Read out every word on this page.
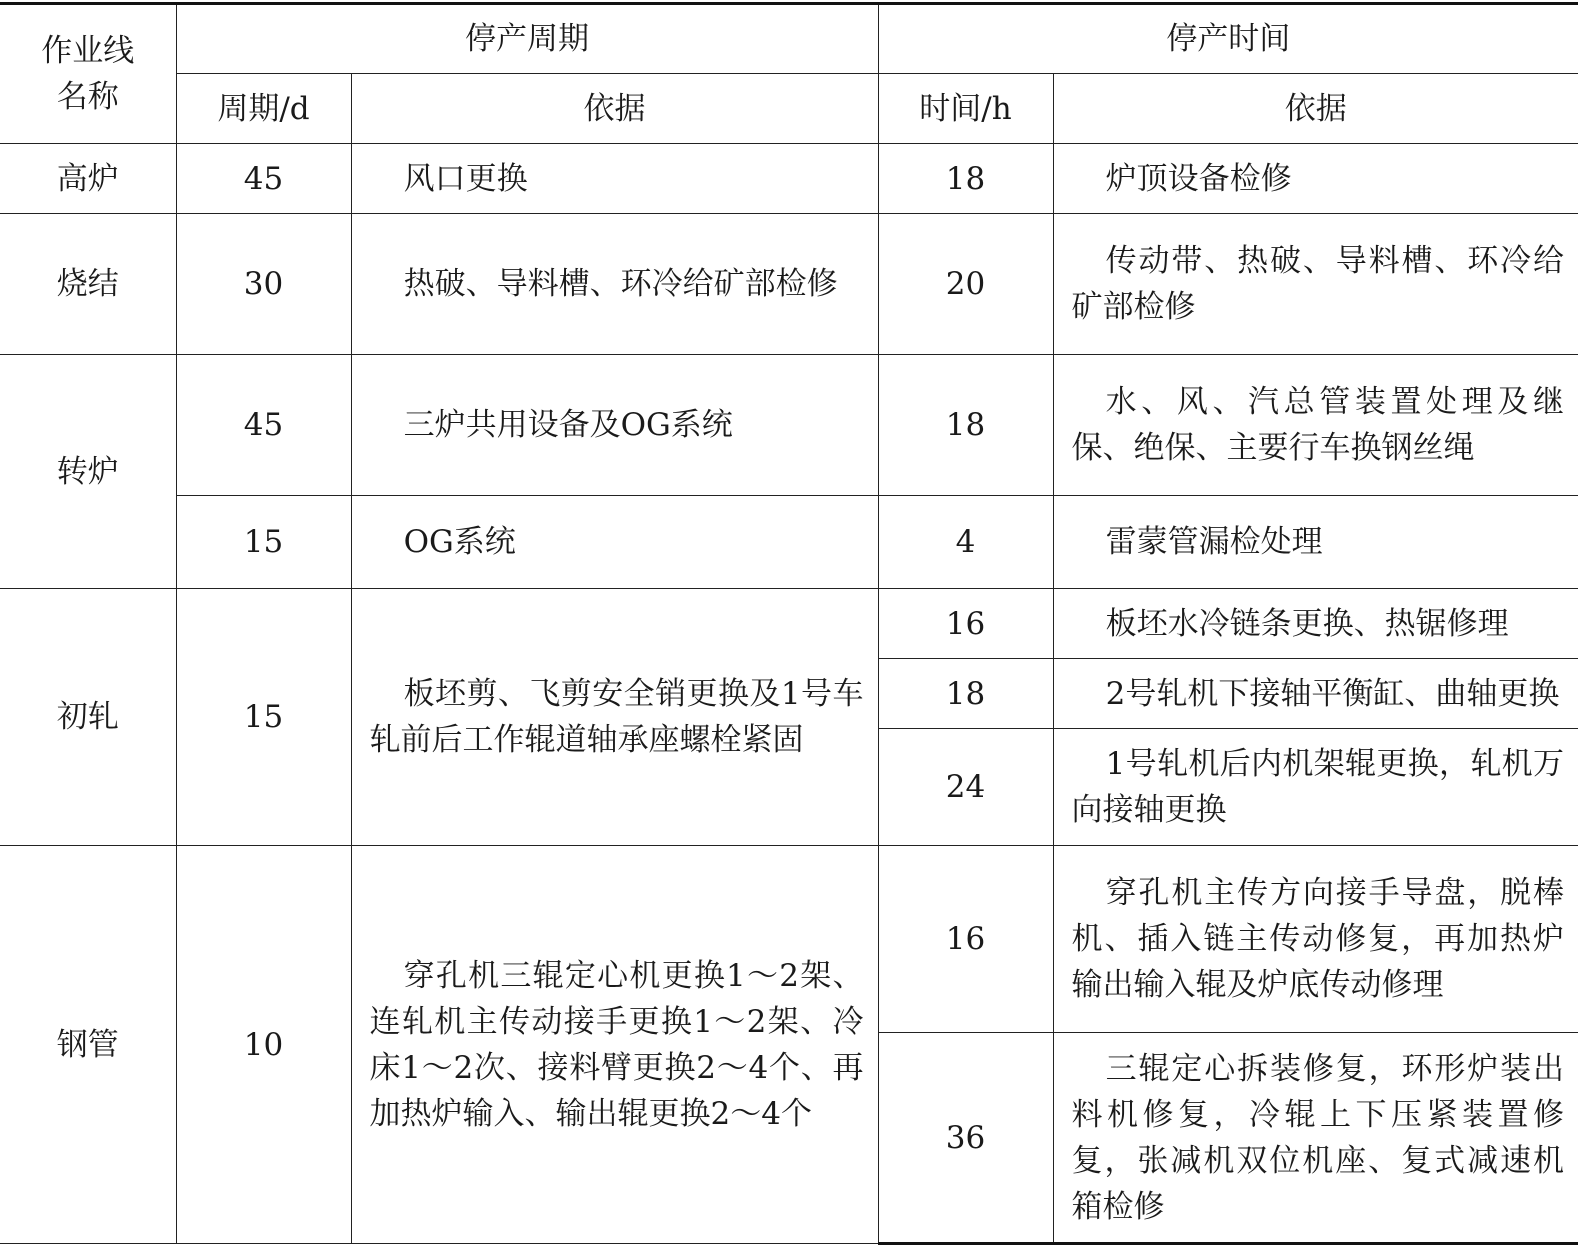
作业线名称	停产周期		停产时间	
	周期/d	依据	时间/h	依据
高炉	45	风口更换	18	炉顶设备检修
烧结	30	热破、导料槽、环冷给矿部检修	20	传动带、热破、导料槽、环冷给矿部检修
转炉	45	三炉共用设备及OG系统	18	水、风、汽总管装置处理及继保、绝保、主要行车换钢丝绳
	15	OG系统	4	雷蒙管漏检处理
初轧	15	板坯剪、飞剪安全销更换及1号车轧前后工作辊道轴承座螺栓紧固	16	板坯水冷链条更换、热锯修理
			18	2号轧机下接轴平衡缸、曲轴更换
			24	1号轧机后内机架辊更换，轧机万向接轴更换
钢管	10	穿孔机三辊定心机更换1～2架、连轧机主传动接手更换1～2架、冷床1～2次、接料臂更换2～4个、再加热炉输入、输出辊更换2～4个	16	穿孔机主传方向接手导盘，脱棒机、插入链主传动修复，再加热炉输出输入辊及炉底传动修理
			36	三辊定心拆装修复，环形炉装出料机修复，冷辊上下压紧装置修复，张减机双位机座、复式减速机箱检修
